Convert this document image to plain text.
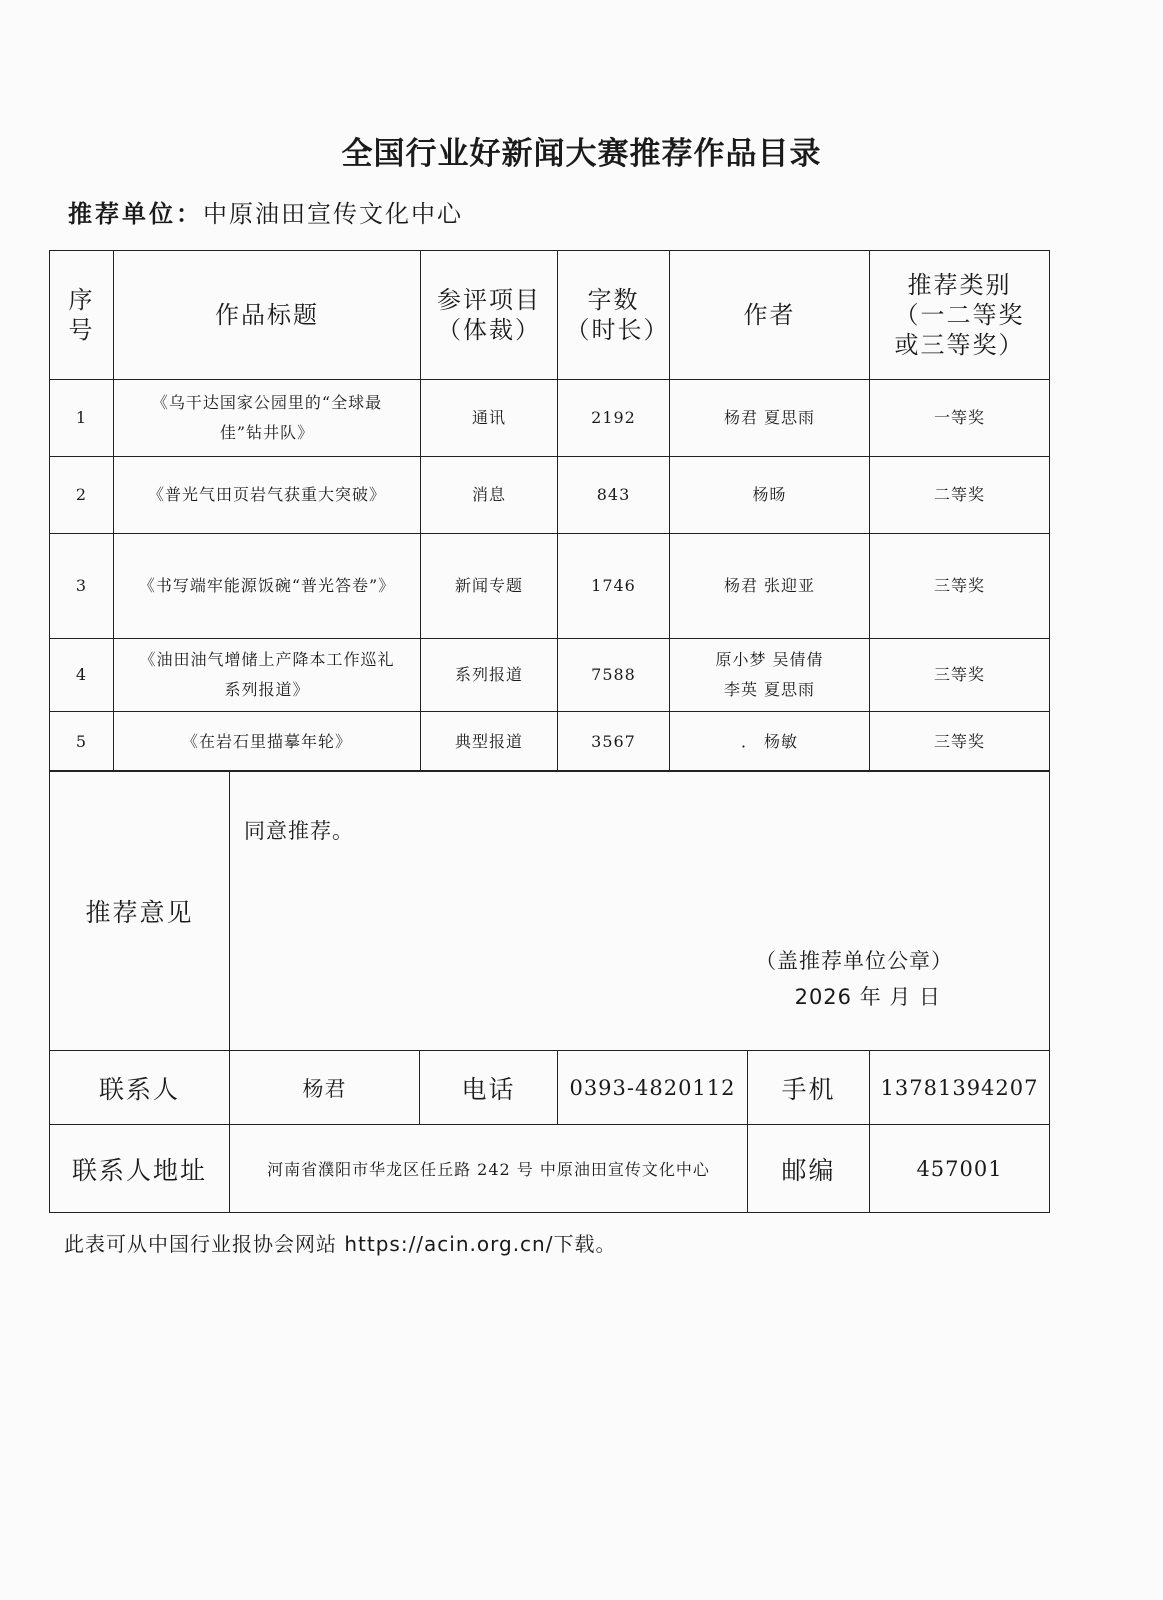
全国行业好新闻大赛推荐作品目录
推荐单位：中原油田宣传文化中心
序号	作品标题	参评项目（体裁）	字数（时长）	作者	推荐类别（一二等奖或三等奖）

1	《乌干达国家公园里的“全球最佳”钻井队》	通讯	2192	杨君 夏思雨	一等奖
2	《普光气田页岩气获重大突破》	消息	843	杨旸	二等奖
3	《书写端牢能源饭碗“普光答卷”》	新闻专题	1746	杨君 张迎亚	三等奖
4	《油田油气增储上产降本工作巡礼系列报道》	系列报道	7588	原小梦 吴倩倩 李英 夏思雨	三等奖
5	《在岩石里描摹年轮》	典型报道	3567	． 杨敏	三等奖
推荐意见	同意推荐。
（盖推荐单位公章）
2026 年 月 日				

联系人	杨君	电话	0393-4820112	手机	13781394207
联系人地址	河南省濮阳市华龙区任丘路 242 号 中原油田宣传文化中心			邮编	457001
此表可从中国行业报协会网站 https://acin.org.cn/下载。
